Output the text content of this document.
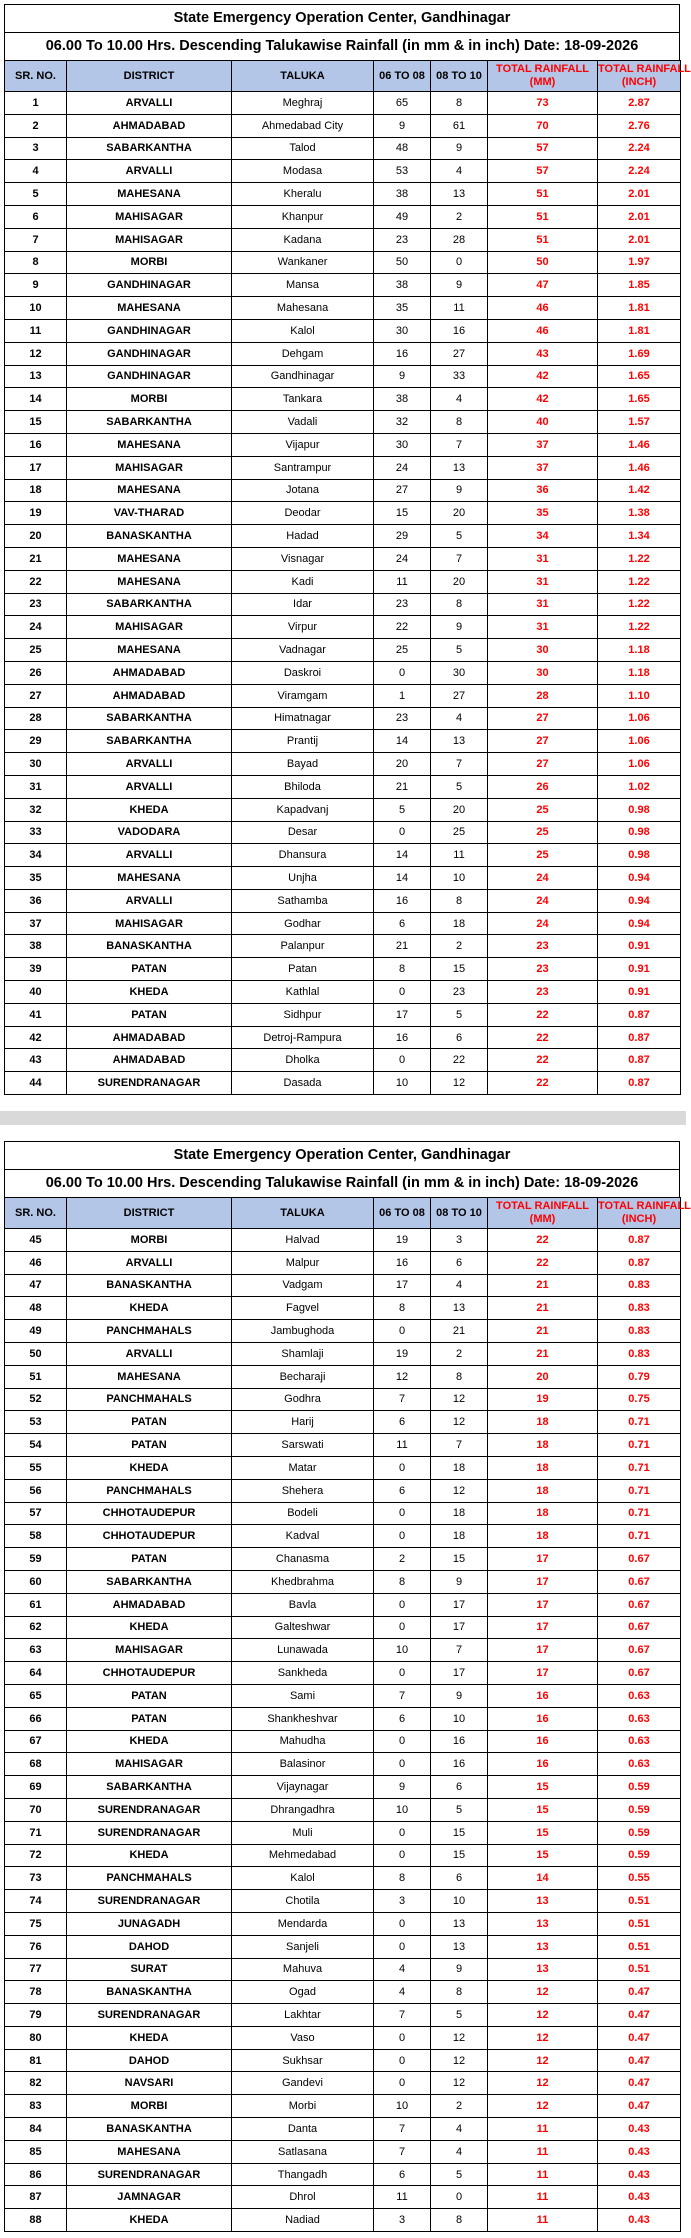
State Emergency Operation Center, Gandhinagar
06.00 To 10.00 Hrs. Descending Talukawise Rainfall (in mm & in inch) Date: 18-09-2026
SR. NO.	DISTRICT	TALUKA	06 TO 08	08 TO 10	TOTAL RAINFALL
(MM)	TOTAL RAINFALL
(INCH)
1	ARVALLI	Meghraj	65	8	73	2.87
2	AHMADABAD	Ahmedabad City	9	61	70	2.76
3	SABARKANTHA	Talod	48	9	57	2.24
4	ARVALLI	Modasa	53	4	57	2.24
5	MAHESANA	Kheralu	38	13	51	2.01
6	MAHISAGAR	Khanpur	49	2	51	2.01
7	MAHISAGAR	Kadana	23	28	51	2.01
8	MORBI	Wankaner	50	0	50	1.97
9	GANDHINAGAR	Mansa	38	9	47	1.85
10	MAHESANA	Mahesana	35	11	46	1.81
11	GANDHINAGAR	Kalol	30	16	46	1.81
12	GANDHINAGAR	Dehgam	16	27	43	1.69
13	GANDHINAGAR	Gandhinagar	9	33	42	1.65
14	MORBI	Tankara	38	4	42	1.65
15	SABARKANTHA	Vadali	32	8	40	1.57
16	MAHESANA	Vijapur	30	7	37	1.46
17	MAHISAGAR	Santrampur	24	13	37	1.46
18	MAHESANA	Jotana	27	9	36	1.42
19	VAV-THARAD	Deodar	15	20	35	1.38
20	BANASKANTHA	Hadad	29	5	34	1.34
21	MAHESANA	Visnagar	24	7	31	1.22
22	MAHESANA	Kadi	11	20	31	1.22
23	SABARKANTHA	Idar	23	8	31	1.22
24	MAHISAGAR	Virpur	22	9	31	1.22
25	MAHESANA	Vadnagar	25	5	30	1.18
26	AHMADABAD	Daskroi	0	30	30	1.18
27	AHMADABAD	Viramgam	1	27	28	1.10
28	SABARKANTHA	Himatnagar	23	4	27	1.06
29	SABARKANTHA	Prantij	14	13	27	1.06
30	ARVALLI	Bayad	20	7	27	1.06
31	ARVALLI	Bhiloda	21	5	26	1.02
32	KHEDA	Kapadvanj	5	20	25	0.98
33	VADODARA	Desar	0	25	25	0.98
34	ARVALLI	Dhansura	14	11	25	0.98
35	MAHESANA	Unjha	14	10	24	0.94
36	ARVALLI	Sathamba	16	8	24	0.94
37	MAHISAGAR	Godhar	6	18	24	0.94
38	BANASKANTHA	Palanpur	21	2	23	0.91
39	PATAN	Patan	8	15	23	0.91
40	KHEDA	Kathlal	0	23	23	0.91
41	PATAN	Sidhpur	17	5	22	0.87
42	AHMADABAD	Detroj-Rampura	16	6	22	0.87
43	AHMADABAD	Dholka	0	22	22	0.87
44	SURENDRANAGAR	Dasada	10	12	22	0.87
State Emergency Operation Center, Gandhinagar
06.00 To 10.00 Hrs. Descending Talukawise Rainfall (in mm & in inch) Date: 18-09-2026
SR. NO.	DISTRICT	TALUKA	06 TO 08	08 TO 10	TOTAL RAINFALL
(MM)	TOTAL RAINFALL
(INCH)
45	MORBI	Halvad	19	3	22	0.87
46	ARVALLI	Malpur	16	6	22	0.87
47	BANASKANTHA	Vadgam	17	4	21	0.83
48	KHEDA	Fagvel	8	13	21	0.83
49	PANCHMAHALS	Jambughoda	0	21	21	0.83
50	ARVALLI	Shamlaji	19	2	21	0.83
51	MAHESANA	Becharaji	12	8	20	0.79
52	PANCHMAHALS	Godhra	7	12	19	0.75
53	PATAN	Harij	6	12	18	0.71
54	PATAN	Sarswati	11	7	18	0.71
55	KHEDA	Matar	0	18	18	0.71
56	PANCHMAHALS	Shehera	6	12	18	0.71
57	CHHOTAUDEPUR	Bodeli	0	18	18	0.71
58	CHHOTAUDEPUR	Kadval	0	18	18	0.71
59	PATAN	Chanasma	2	15	17	0.67
60	SABARKANTHA	Khedbrahma	8	9	17	0.67
61	AHMADABAD	Bavla	0	17	17	0.67
62	KHEDA	Galteshwar	0	17	17	0.67
63	MAHISAGAR	Lunawada	10	7	17	0.67
64	CHHOTAUDEPUR	Sankheda	0	17	17	0.67
65	PATAN	Sami	7	9	16	0.63
66	PATAN	Shankheshvar	6	10	16	0.63
67	KHEDA	Mahudha	0	16	16	0.63
68	MAHISAGAR	Balasinor	0	16	16	0.63
69	SABARKANTHA	Vijaynagar	9	6	15	0.59
70	SURENDRANAGAR	Dhrangadhra	10	5	15	0.59
71	SURENDRANAGAR	Muli	0	15	15	0.59
72	KHEDA	Mehmedabad	0	15	15	0.59
73	PANCHMAHALS	Kalol	8	6	14	0.55
74	SURENDRANAGAR	Chotila	3	10	13	0.51
75	JUNAGADH	Mendarda	0	13	13	0.51
76	DAHOD	Sanjeli	0	13	13	0.51
77	SURAT	Mahuva	4	9	13	0.51
78	BANASKANTHA	Ogad	4	8	12	0.47
79	SURENDRANAGAR	Lakhtar	7	5	12	0.47
80	KHEDA	Vaso	0	12	12	0.47
81	DAHOD	Sukhsar	0	12	12	0.47
82	NAVSARI	Gandevi	0	12	12	0.47
83	MORBI	Morbi	10	2	12	0.47
84	BANASKANTHA	Danta	7	4	11	0.43
85	MAHESANA	Satlasana	7	4	11	0.43
86	SURENDRANAGAR	Thangadh	6	5	11	0.43
87	JAMNAGAR	Dhrol	11	0	11	0.43
88	KHEDA	Nadiad	3	8	11	0.43
